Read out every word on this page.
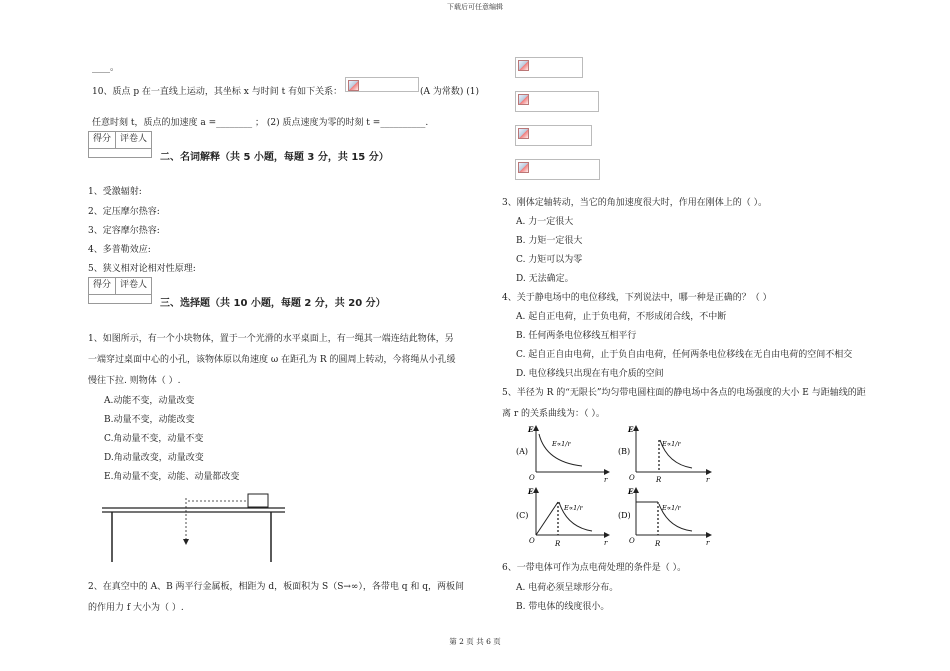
下载后可任意编辑
____。
10、质点 p 在一直线上运动，其坐标 x 与时间 t 有如下关系：	(A 为常数) (1)
任意时刻 t，质点的加速度 a =________ ； (2) 质点速度为零的时刻 t =__________.
得分	评卷人
二、名词解释（共 5 小题，每题 3 分，共 15 分）
1、受激辐射:
2、定压摩尔热容:
3、定容摩尔热容:
4、多普勒效应:
5、狭义相对论相对性原理:
得分	评卷人
三、选择题（共 10 小题，每题 2 分，共 20 分）
1、如图所示，有一个小块物体，置于一个光滑的水平桌面上，有一绳其一端连结此物体，另
一端穿过桌面中心的小孔，该物体原以角速度 ω 在距孔为 R 的圆周上转动，今将绳从小孔缓
慢往下拉. 则物体（ ）.
A.动能不变，动量改变
B.动量不变，动能改变
C.角动量不变，动量不变
D.角动量改变，动量改变
E.角动量不变，动能、动量都改变
2、在真空中的 A、B 两平行金属板，相距为 d，板面积为 S（S→∞），各带电 q 和 q，两板间
的作用力 f 大小为（ ）.
3、刚体定轴转动，当它的角加速度很大时，作用在刚体上的（ ）。
A. 力一定很大
B. 力矩一定很大
C. 力矩可以为零
D. 无法确定。
4、关于静电场中的电位移线，下列说法中，哪一种是正确的？（ ）
A. 起自正电荷，止于负电荷，不形成闭合线，不中断
B. 任何两条电位移线互相平行
C. 起自正自由电荷，止于负自由电荷，任何两条电位移线在无自由电荷的空间不相交
D. 电位移线只出现在有电介质的空间
5、半径为 R 的“无限长”均匀带电圆柱面的静电场中各点的电场强度的大小 E 与距轴线的距
离 r 的关系曲线为：（ ）。
(A)
E
r
O
E∝1/r
(B)
E
r
O
E∝1/r
R
(C)
E
r
O
E∝1/r
R
(D)
E
r
O
E∝1/r
R
6、一带电体可作为点电荷处理的条件是（ ）。
A. 电荷必须呈球形分布。
B. 带电体的线度很小。
第 2 页 共 6 页
